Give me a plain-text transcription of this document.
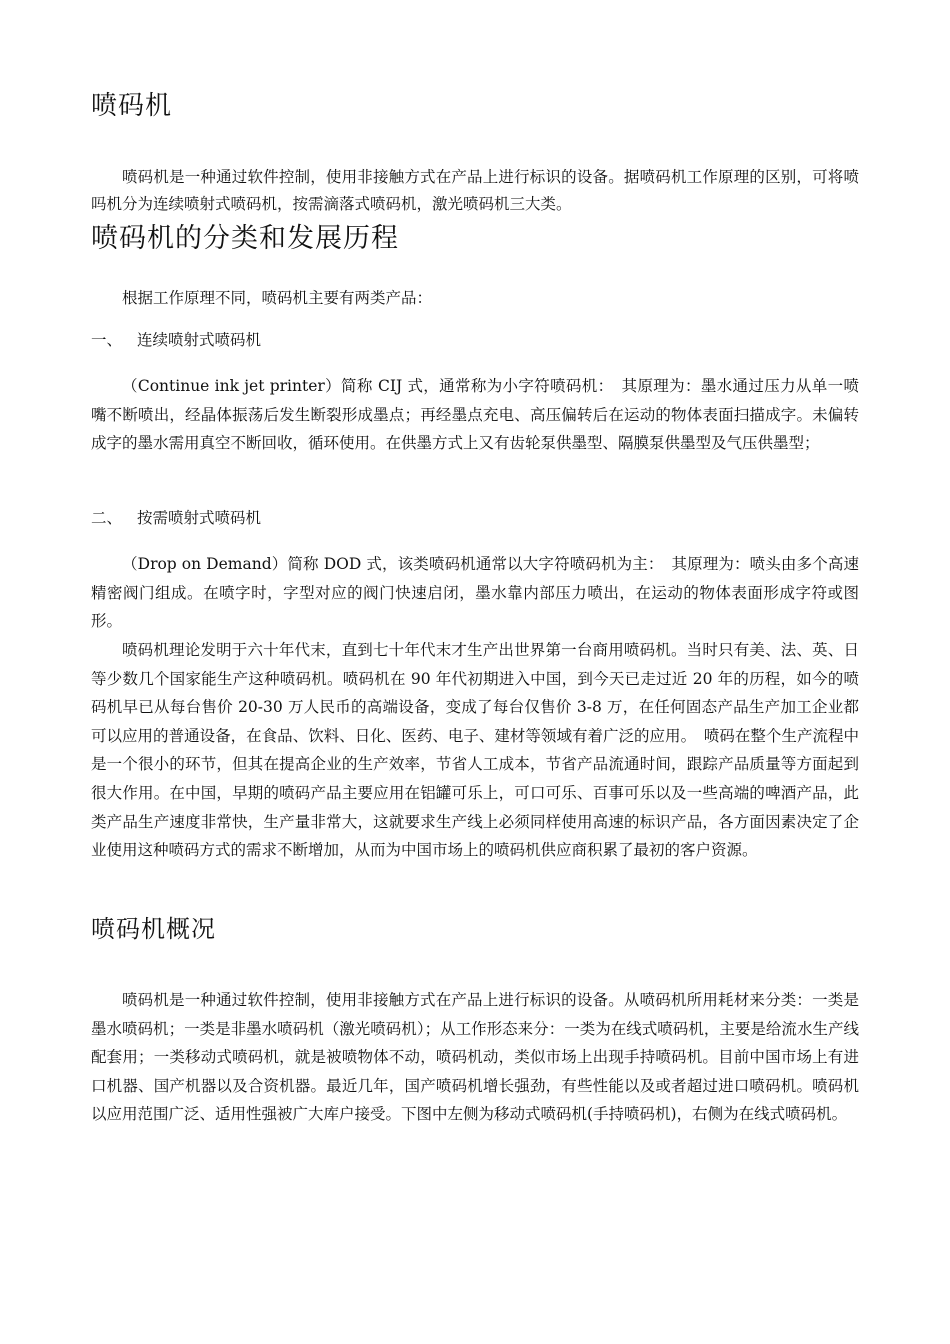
喷码机

喷码机是一种通过软件控制，使用非接触方式在产品上进行标识的设备。据喷码机工作原理的区别，可将喷吗机分为连续喷射式喷码机，按需滴落式喷码机，激光喷码机三大类。

喷码机的分类和发展历程

根据工作原理不同，喷码机主要有两类产品：

一、 连续喷射式喷码机

（Continue ink jet printer）简称 CIJ 式，通常称为小字符喷码机：　其原理为：墨水通过压力从单一喷嘴不断喷出，经晶体振荡后发生断裂形成墨点；再经墨点充电、高压偏转后在运动的物体表面扫描成字。未偏转成字的墨水需用真空不断回收，循环使用。在供墨方式上又有齿轮泵供墨型、隔膜泵供墨型及气压供墨型；

二、 按需喷射式喷码机

（Drop on Demand）简称 DOD 式，该类喷码机通常以大字符喷码机为主：　其原理为：喷头由多个高速精密阀门组成。在喷字时，字型对应的阀门快速启闭，墨水靠内部压力喷出，在运动的物体表面形成字符或图形。

喷码机理论发明于六十年代末，直到七十年代末才生产出世界第一台商用喷码机。当时只有美、法、英、日等少数几个国家能生产这种喷码机。喷码机在 90 年代初期进入中国，到今天已走过近 20 年的历程，如今的喷码机早已从每台售价 20-30 万人民币的高端设备，变成了每台仅售价 3-8 万，在任何固态产品生产加工企业都可以应用的普通设备，在食品、饮料、日化、医药、电子、建材等领域有着广泛的应用。　喷码在整个生产流程中是一个很小的环节，但其在提高企业的生产效率，节省人工成本，节省产品流通时间，跟踪产品质量等方面起到很大作用。在中国，早期的喷码产品主要应用在铝罐可乐上，可口可乐、百事可乐以及一些高端的啤酒产品，此类产品生产速度非常快，生产量非常大，这就要求生产线上必须同样使用高速的标识产品，各方面因素决定了企业使用这种喷码方式的需求不断增加，从而为中国市场上的喷码机供应商积累了最初的客户资源。

喷码机概况

喷码机是一种通过软件控制，使用非接触方式在产品上进行标识的设备。从喷码机所用耗材来分类：一类是墨水喷码机；一类是非墨水喷码机（激光喷码机）；从工作形态来分：一类为在线式喷码机，主要是给流水生产线配套用；一类移动式喷码机，就是被喷物体不动，喷码机动，类似市场上出现手持喷码机。目前中国市场上有进口机器、国产机器以及合资机器。最近几年，国产喷码机增长强劲，有些性能以及或者超过进口喷码机。喷码机以应用范围广泛、适用性强被广大库户接受。下图中左侧为移动式喷码机(手持喷码机)，右侧为在线式喷码机。
